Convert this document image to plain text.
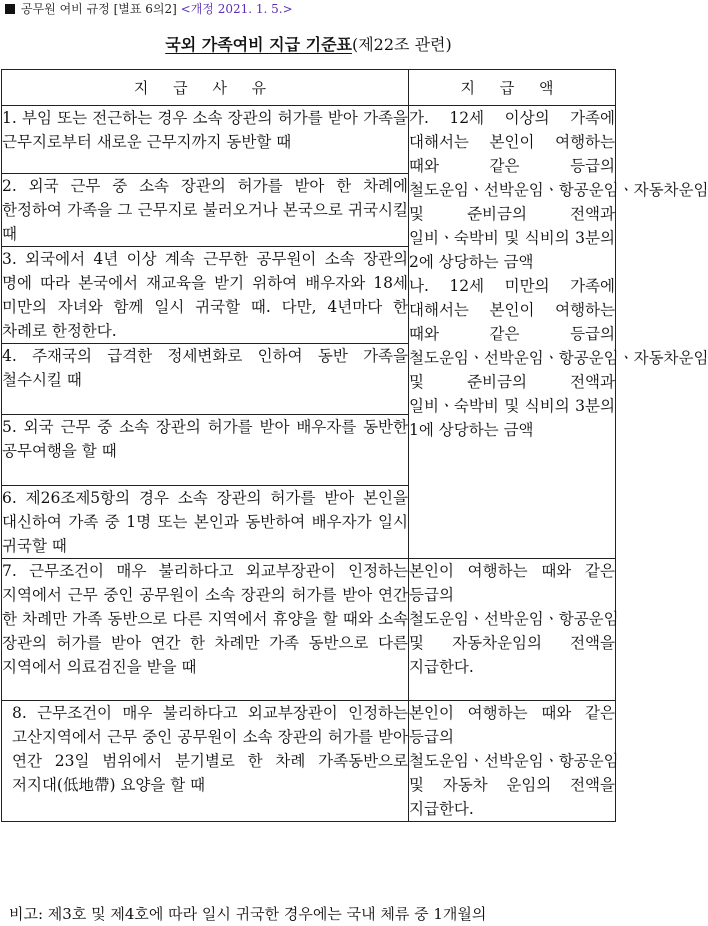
공무원 여비 규정 [별표 6의2] <개정 2021. 1. 5.>
국외 가족여비 지급 기준표(제22조 관련)
지 급 사 유	지 급 액
1. 부임 또는 전근하는 경우 소속 장관의 허가를 받아 가족을 근무지로부터 새로운 근무지까지 동반할 때	가. 12세 이상의 가족에 대해서는 본인이 여행하는 때와 같은 등급의 철도운임ㆍ선박운임ㆍ항공운임ㆍ자동차운임 및 준비금의 전액과 일비ㆍ숙박비 및 식비의 3분의 2에 상당하는 금액
나. 12세 미만의 가족에 대해서는 본인이 여행하는 때와 같은 등급의 철도운임ㆍ선박운임ㆍ항공운임ㆍ자동차운임 및 준비금의 전액과 일비ㆍ숙박비 및 식비의 3분의 1에 상당하는 금액

2. 외국 근무 중 소속 장관의 허가를 받아 한 차례에 한정하여 가족을 그 근무지로 불러오거나 본국으로 귀국시킬 때	
3. 외국에서 4년 이상 계속 근무한 공무원이 소속 장관의 명에 따라 본국에서 재교육을 받기 위하여 배우자와 18세 미만의 자녀와 함께 일시 귀국할 때. 다만, 4년마다 한 차례로 한정한다.	
4. 주재국의 급격한 정세변화로 인하여 동반 가족을 철수시킬 때	
5. 외국 근무 중 소속 장관의 허가를 받아 배우자를 동반한 공무여행을 할 때	
6. 제26조제5항의 경우 소속 장관의 허가를 받아 본인을 대신하여 가족 중 1명 또는 본인과 동반하여 배우자가 일시 귀국할 때	
7. 근무조건이 매우 불리하다고 외교부장관이 인정하는 지역에서 근무 중인 공무원이 소속 장관의 허가를 받아 연간 한 차례만 가족 동반으로 다른 지역에서 휴양을 할 때와 소속 장관의 허가를 받아 연간 한 차례만 가족 동반으로 다른 지역에서 의료검진을 받을 때	본인이 여행하는 때와 같은 등급의 철도운임ㆍ선박운임ㆍ항공운임 및 자동차운임의 전액을 지급한다.
8. 근무조건이 매우 불리하다고 외교부장관이 인정하는 고산지역에서 근무 중인 공무원이 소속 장관의 허가를 받아 연간 23일 범위에서 분기별로 한 차례 가족동반으로 저지대(低地帶) 요양을 할 때	본인이 여행하는 때와 같은 등급의 철도운임ㆍ선박운임ㆍ항공운임 및 자동차 운임의 전액을 지급한다.
비고: 제3호 및 제4호에 따라 일시 귀국한 경우에는 국내 체류 중 1개월의
